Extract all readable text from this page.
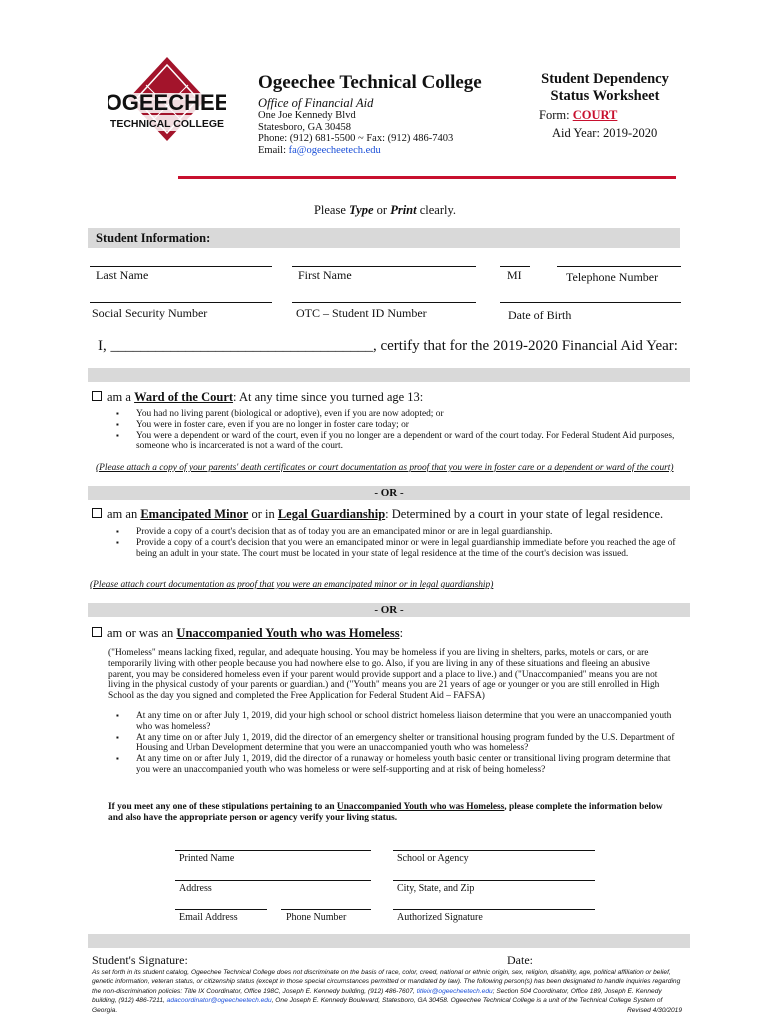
OGEECHEE
TECHNICAL COLLEGE
Ogeechee Technical College
Office of Financial Aid
One Joe Kennedy Blvd
Statesboro, GA 30458
Phone: (912) 681-5500 ~ Fax: (912) 486-7403
Email: fa@ogeecheetech.edu
Student Dependency
Status Worksheet
Form: COURT
Aid Year: 2019-2020
Please Type or Print clearly.
Student Information:
Last Name	First Name	MI	Telephone Number
Social Security Number	OTC – Student ID Number	Date of Birth
I, ___________________________________, certify that for the 2019-2020 Financial Aid Year:
am a Ward of the Court: At any time since you turned age 13:
▪ You had no living parent (biological or adoptive), even if you are now adopted; or
▪ You were in foster care, even if you are no longer in foster care today; or
▪ You were a dependent or ward of the court, even if you no longer are a dependent or ward of the court today. For Federal Student Aid purposes, someone who is incarcerated is not a ward of the court.
(Please attach a copy of your parents' death certificates or court documentation as proof that you were in foster care or a dependent or ward of the court)
- OR -
am an Emancipated Minor or in Legal Guardianship: Determined by a court in your state of legal residence.
▪ Provide a copy of a court's decision that as of today you are an emancipated minor or are in legal guardianship.
▪ Provide a copy of a court's decision that you were an emancipated minor or were in legal guardianship immediate before you reached the age of being an adult in your state. The court must be located in your state of legal residence at the time of the court's decision was issued.
(Please attach court documentation as proof that you were an emancipated minor or in legal guardianship)
- OR -
am or was an Unaccompanied Youth who was Homeless:
("Homeless" means lacking fixed, regular, and adequate housing. You may be homeless if you are living in shelters, parks, motels or cars, or are temporarily living with other people because you had nowhere else to go. Also, if you are living in any of these situations and fleeing an abusive parent, you may be considered homeless even if your parent would provide support and a place to live.) and ("Unaccompanied" means you are not living in the physical custody of your parents or guardian.) and ("Youth" means you are 21 years of age or younger or you are still enrolled in High School as the day you signed and completed the Free Application for Federal Student Aid – FAFSA)
▪ At any time on or after July 1, 2019, did your high school or school district homeless liaison determine that you were an unaccompanied youth who was homeless?
▪ At any time on or after July 1, 2019, did the director of an emergency shelter or transitional housing program funded by the U.S. Department of Housing and Urban Development determine that you were an unaccompanied youth who was homeless?
▪ At any time on or after July 1, 2019, did the director of a runaway or homeless youth basic center or transitional living program determine that you were an unaccompanied youth who was homeless or were self-supporting and at risk of being homeless?
If you meet any one of these stipulations pertaining to an Unaccompanied Youth who was Homeless, please complete the information below and also have the appropriate person or agency verify your living status.
Printed Name	School or Agency
Address	City, State, and Zip
Email Address	Phone Number	Authorized Signature
Student's Signature:	Date:
As set forth in its student catalog, Ogeechee Technical College does not discriminate on the basis of race, color, creed, national or ethnic origin, sex, religion, disability, age, political affiliation or belief, genetic information, veteran status, or citizenship status (except in those special circumstances permitted or mandated by law). The following person(s) has been designated to handle inquiries regarding the non-discrimination policies: Title IX Coordinator, Office 198C, Joseph E. Kennedy building, (912) 486-7607, titleix@ogeecheetech.edu; Section 504 Coordinator, Office 189, Joseph E. Kennedy building, (912) 486-7211, adacoordinator@ogeecheetech.edu, One Joseph E. Kennedy Boulevard, Statesboro, GA 30458. Ogeechee Technical College is a unit of the Technical College System of Georgia.	Revised 4/30/2019
